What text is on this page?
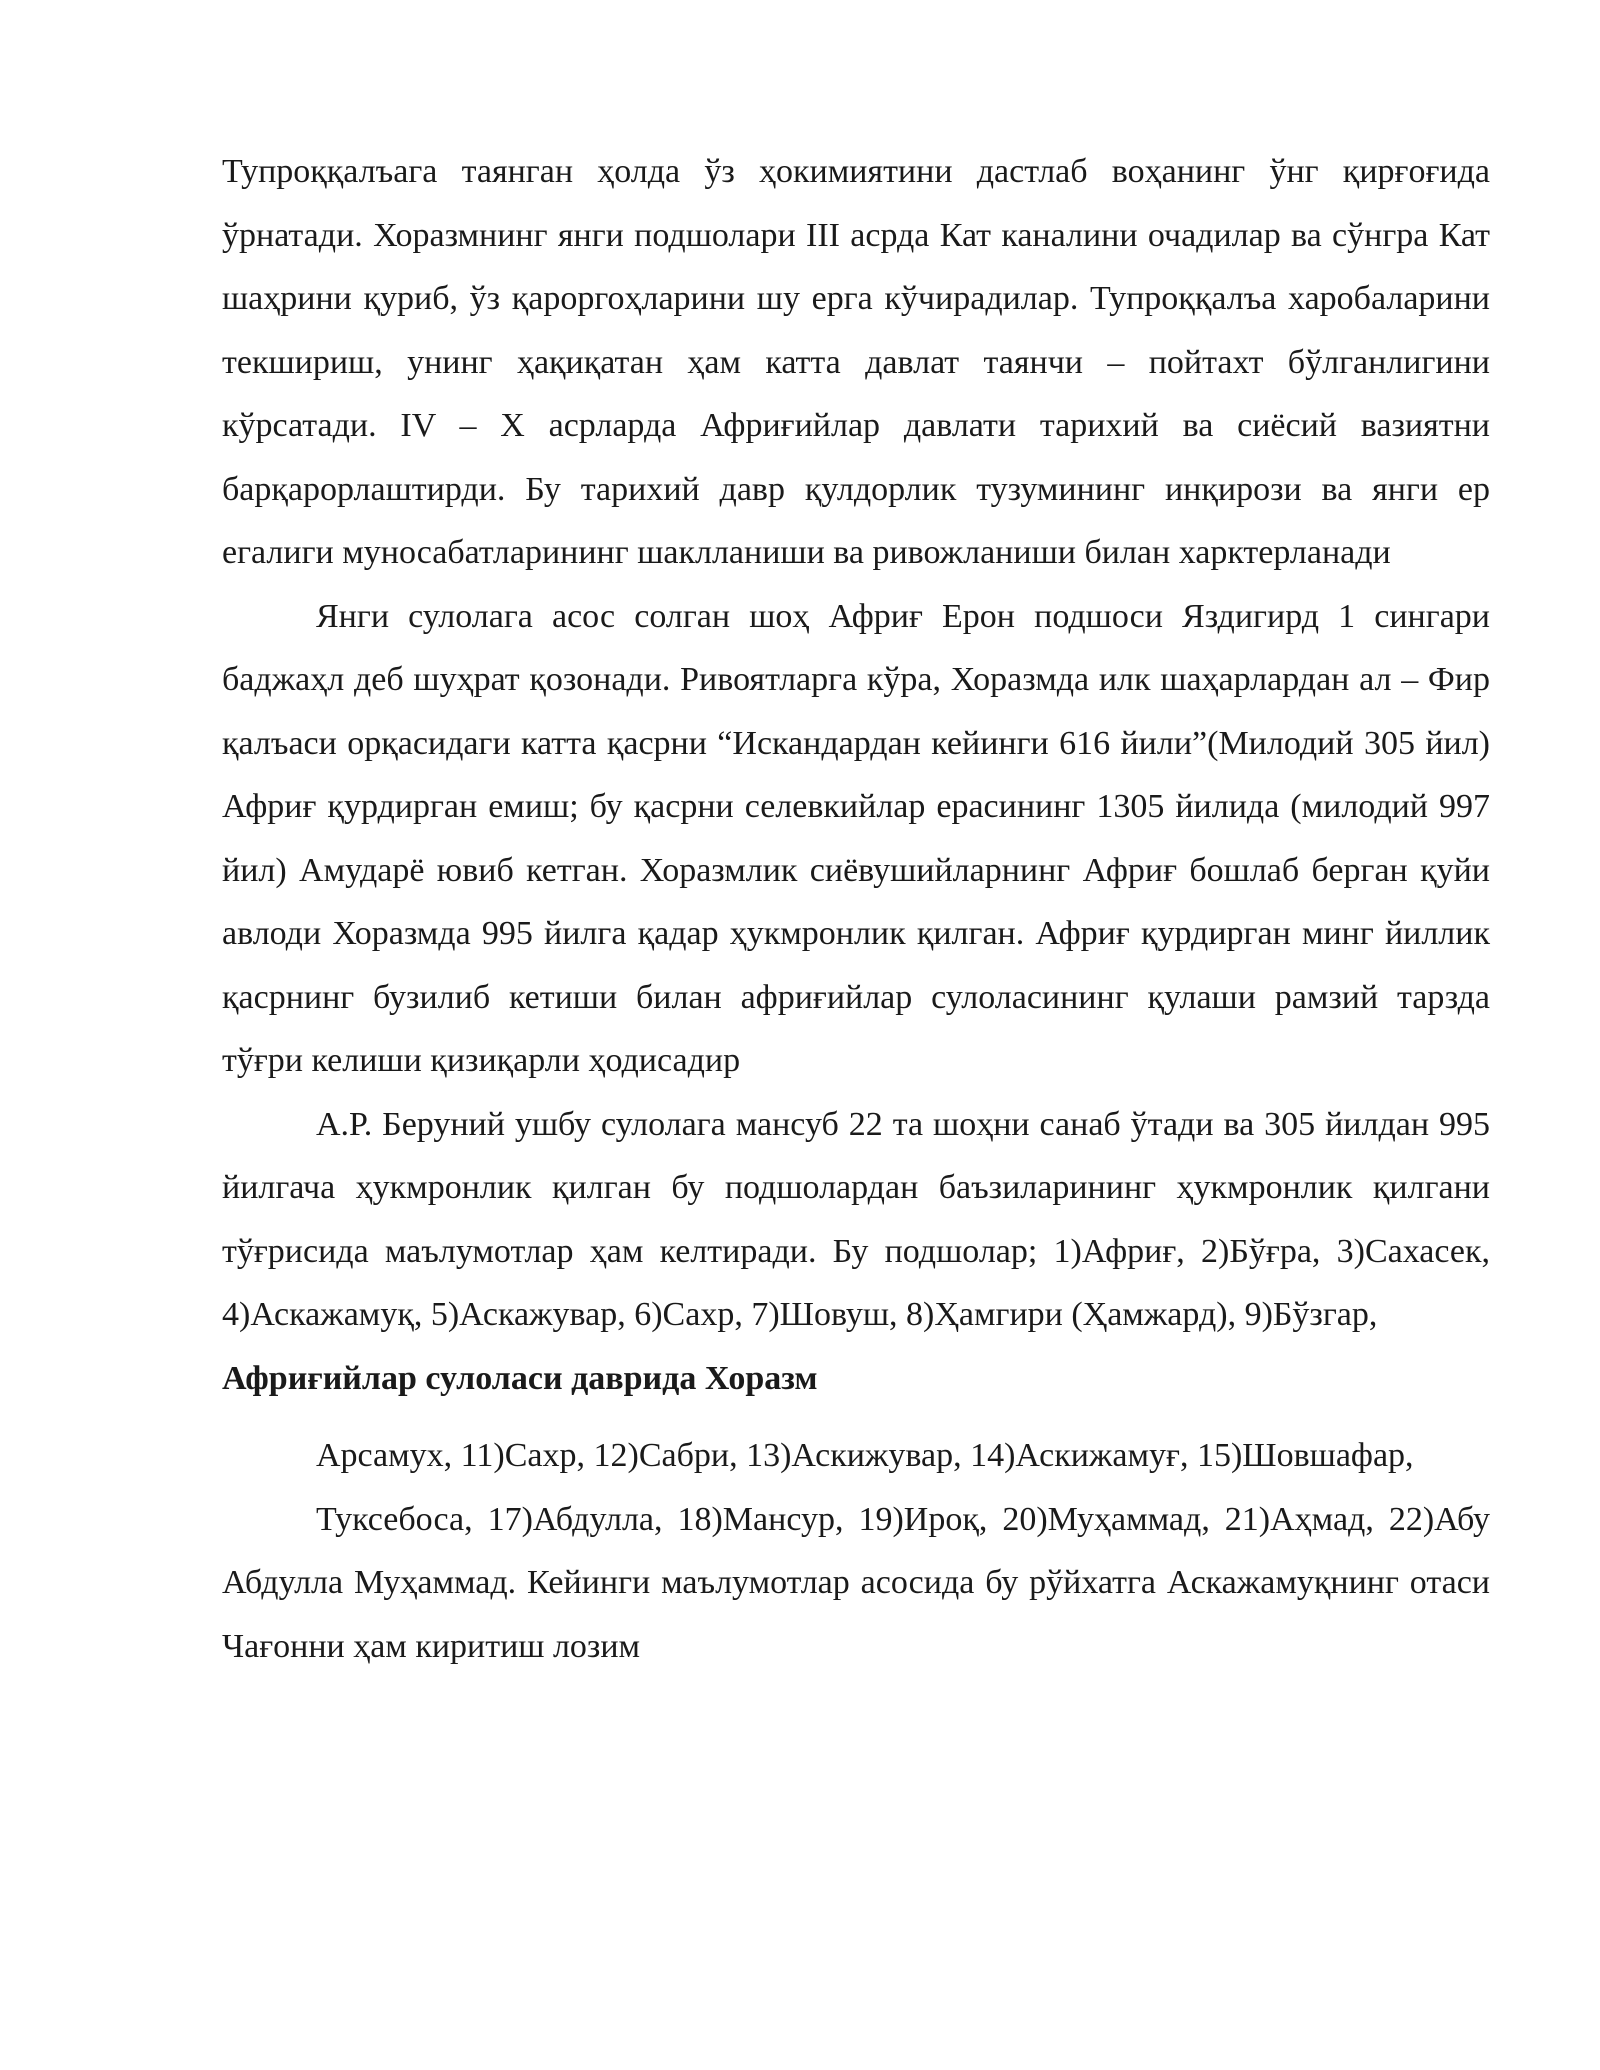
Тупроққалъага таянган ҳолда ўз ҳокимиятини дастлаб воҳанинг ўнг қирғоғида ўрнатади. Хоразмнинг янги подшолари III асрда Кат каналини очадилар ва сўнгра Кат шаҳрини қуриб, ўз қароргоҳларини шу ерга кўчирадилар. Тупроққалъа харобаларини текшириш, унинг ҳақиқатан ҳам катта давлат таянчи – пойтахт бўлганлигини кўрсатади. IV – X асрларда Африғийлар давлати тарихий ва сиёсий вазиятни барқарорлаштирди. Бу тарихий давр қулдорлик тузумининг инқирози ва янги ер егалиги муносабатларининг шаклланиши ва ривожланиши билан харктерланади

Янги сулолага асос солган шоҳ Африғ Ерон подшоси Яздигирд 1 сингари баджаҳл деб шуҳрат қозонади. Ривоятларга кўра, Хоразмда илк шаҳарлардан ал – Фир қалъаси орқасидаги катта қасрни “Искандардан кейинги 616 йили”(Милодий 305 йил) Африғ қурдирган емиш; бу қасрни селевкийлар ерасининг 1305 йилида (милодий 997 йил) Амударё ювиб кетган. Хоразмлик сиёвушийларнинг Африғ бошлаб берган қуйи авлоди Хоразмда 995 йилга қадар ҳукмронлик қилган. Африғ қурдирган минг йиллик қасрнинг бузилиб кетиши билан африғийлар сулоласининг қулаши рамзий тарзда тўғри келиши қизиқарли ҳодисадир

А.Р. Беруний ушбу сулолага мансуб 22 та шоҳни санаб ўтади ва 305 йилдан 995 йилгача ҳукмронлик қилган бу подшолардан баъзиларининг ҳукмронлик қилгани тўғрисида маълумотлар ҳам келтиради. Бу подшолар; 1)Африғ, 2)Бўғра, 3)Сахасек, 4)Аскажамуқ, 5)Аскажувар, 6)Сахр, 7)Шовуш, 8)Ҳамгири (Ҳамжард), 9)Бўзгар,

Африғийлар сулоласи даврида Хоразм

Арсамух, 11)Сахр, 12)Сабри, 13)Аскижувар, 14)Аскижамуғ, 15)Шовшафар,

Туксебоса, 17)Абдулла, 18)Мансур, 19)Ироқ, 20)Муҳаммад, 21)Аҳмад, 22)Абу Абдулла Муҳаммад. Кейинги маълумотлар асосида бу рўйхатга Аскажамуқнинг отаси Чағонни ҳам киритиш лозим
